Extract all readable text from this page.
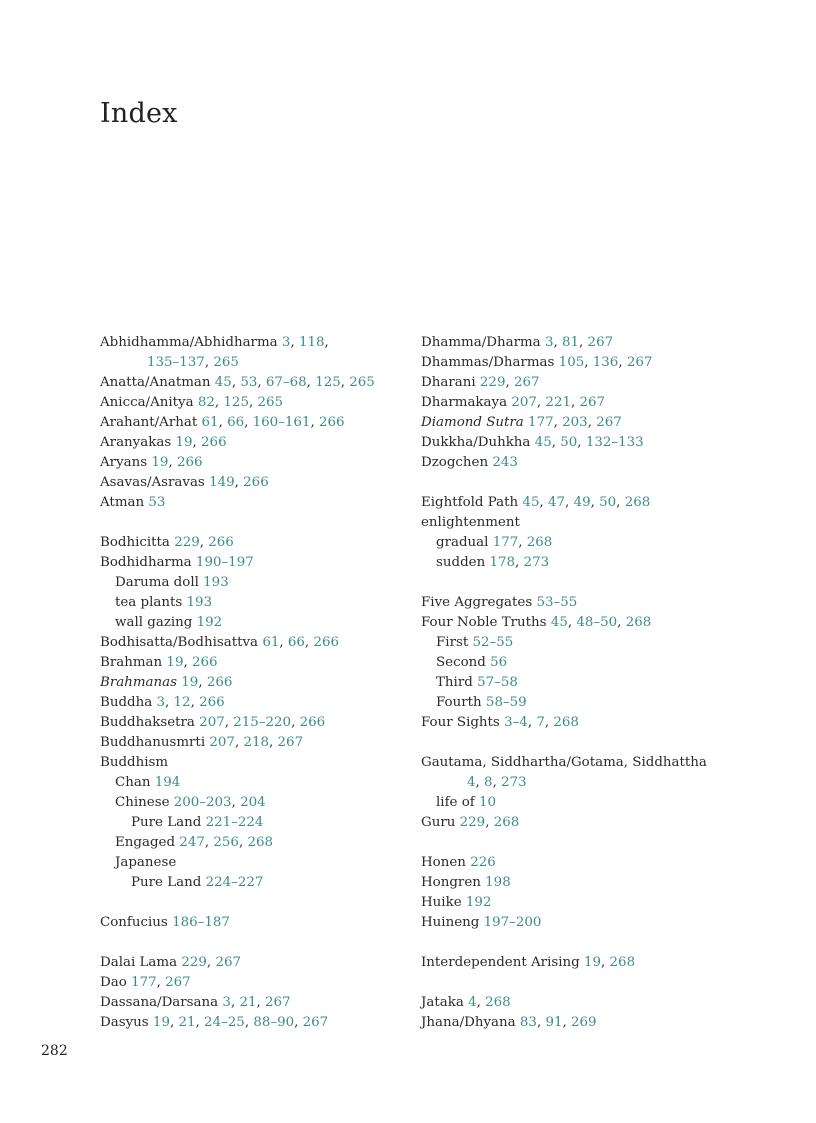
Index
Abhidhamma/Abhidharma 3, 118,
135–137, 265
Anatta/Anatman 45, 53, 67–68, 125, 265
Anicca/Anitya 82, 125, 265
Arahant/Arhat 61, 66, 160–161, 266
Aranyakas 19, 266
Aryans 19, 266
Asavas/Asravas 149, 266
Atman 53
Bodhicitta 229, 266
Bodhidharma 190–197
Daruma doll 193
tea plants 193
wall gazing 192
Bodhisatta/Bodhisattva 61, 66, 266
Brahman 19, 266
Brahmanas 19, 266
Buddha 3, 12, 266
Buddhaksetra 207, 215–220, 266
Buddhanusmrti 207, 218, 267
Buddhism
Chan 194
Chinese 200–203, 204
Pure Land 221–224
Engaged 247, 256, 268
Japanese
Pure Land 224–227
Confucius 186–187
Dalai Lama 229, 267
Dao 177, 267
Dassana/Darsana 3, 21, 267
Dasyus 19, 21, 24–25, 88–90, 267
Dhamma/Dharma 3, 81, 267
Dhammas/Dharmas 105, 136, 267
Dharani 229, 267
Dharmakaya 207, 221, 267
Diamond Sutra 177, 203, 267
Dukkha/Duhkha 45, 50, 132–133
Dzogchen 243
Eightfold Path 45, 47, 49, 50, 268
enlightenment
gradual 177, 268
sudden 178, 273
Five Aggregates 53–55
Four Noble Truths 45, 48–50, 268
First 52–55
Second 56
Third 57–58
Fourth 58–59
Four Sights 3–4, 7, 268
Gautama, Siddhartha/Gotama, Siddhattha
4, 8, 273
life of 10
Guru 229, 268
Honen 226
Hongren 198
Huike 192
Huineng 197–200
Interdependent Arising 19, 268
Jataka 4, 268
Jhana/Dhyana 83, 91, 269
282
